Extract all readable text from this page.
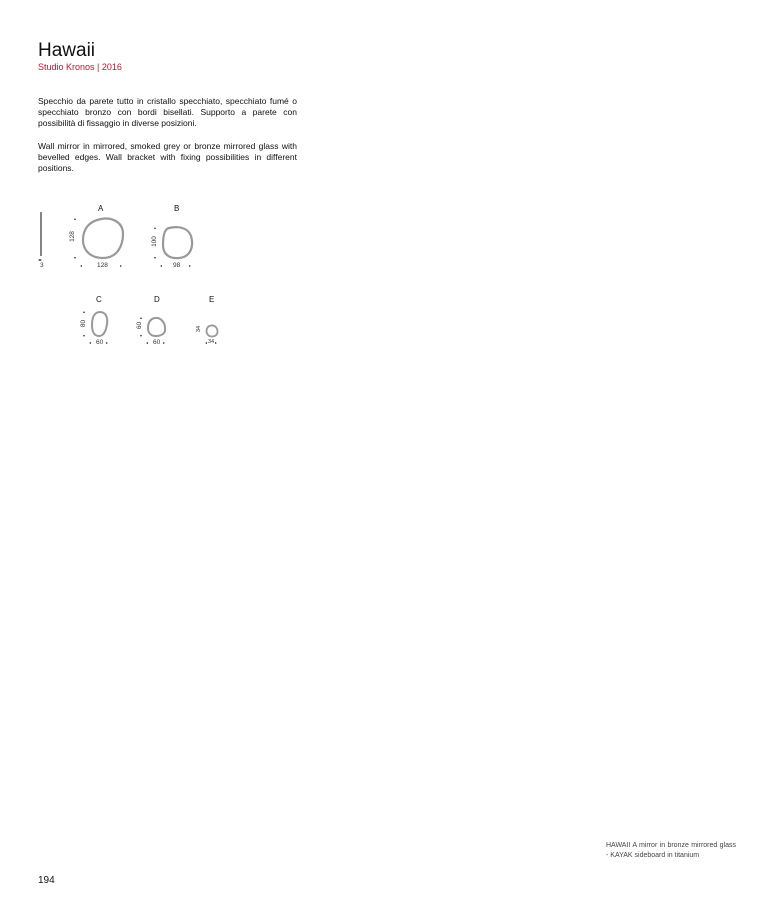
Hawaii
Studio Kronos | 2016

Specchio da parete tutto in cristallo specchiato, specchiato fumé o specchiato bronzo con bordi bisellati. Supporto a parete con possibilità di fissaggio in diverse posizioni.

Wall mirror in mirrored, smoked grey or bronze mirrored glass with bevelled edges. Wall bracket with fixing possibilities in different positions.

◂▸
3
A
▴
▾
128
◂ 128	▸
B
▴
▾
100
◂ 98 ▸
C
▴
▾
80
◂ 60 ▸
D
▴
▾
60
◂ 60 ▸
E
34
◂ 34 ▸
HAWAII A mirror in bronze mirrored glass - KAYAK sideboard in titanium
194
